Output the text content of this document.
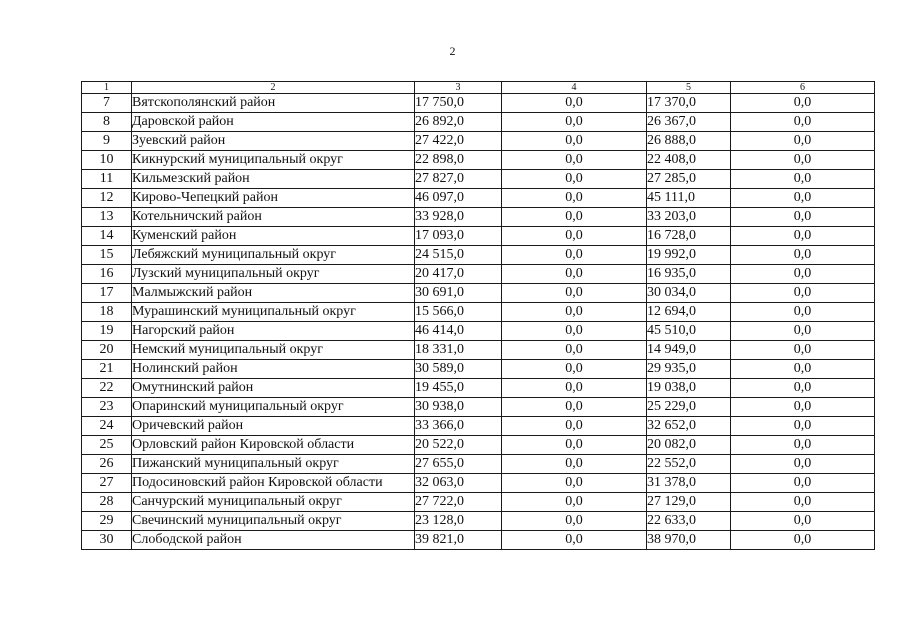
2
1	2	3	4	5	6
7	Вятскополянский район	17 750,0	0,0	17 370,0	0,0
8	Даровской район	26 892,0	0,0	26 367,0	0,0
9	Зуевский район	27 422,0	0,0	26 888,0	0,0
10	Кикнурский муниципальный округ	22 898,0	0,0	22 408,0	0,0
11	Кильмезский район	27 827,0	0,0	27 285,0	0,0
12	Кирово-Чепецкий район	46 097,0	0,0	45 111,0	0,0
13	Котельничский район	33 928,0	0,0	33 203,0	0,0
14	Куменский район	17 093,0	0,0	16 728,0	0,0
15	Лебяжский муниципальный округ	24 515,0	0,0	19 992,0	0,0
16	Лузский муниципальный округ	20 417,0	0,0	16 935,0	0,0
17	Малмыжский район	30 691,0	0,0	30 034,0	0,0
18	Мурашинский муниципальный округ	15 566,0	0,0	12 694,0	0,0
19	Нагорский район	46 414,0	0,0	45 510,0	0,0
20	Немский муниципальный округ	18 331,0	0,0	14 949,0	0,0
21	Нолинский район	30 589,0	0,0	29 935,0	0,0
22	Омутнинский район	19 455,0	0,0	19 038,0	0,0
23	Опаринский муниципальный округ	30 938,0	0,0	25 229,0	0,0
24	Оричевский район	33 366,0	0,0	32 652,0	0,0
25	Орловский район Кировской области	20 522,0	0,0	20 082,0	0,0
26	Пижанский муниципальный округ	27 655,0	0,0	22 552,0	0,0
27	Подосиновский район Кировской области	32 063,0	0,0	31 378,0	0,0
28	Санчурский муниципальный округ	27 722,0	0,0	27 129,0	0,0
29	Свечинский муниципальный округ	23 128,0	0,0	22 633,0	0,0
30	Слободской район	39 821,0	0,0	38 970,0	0,0
